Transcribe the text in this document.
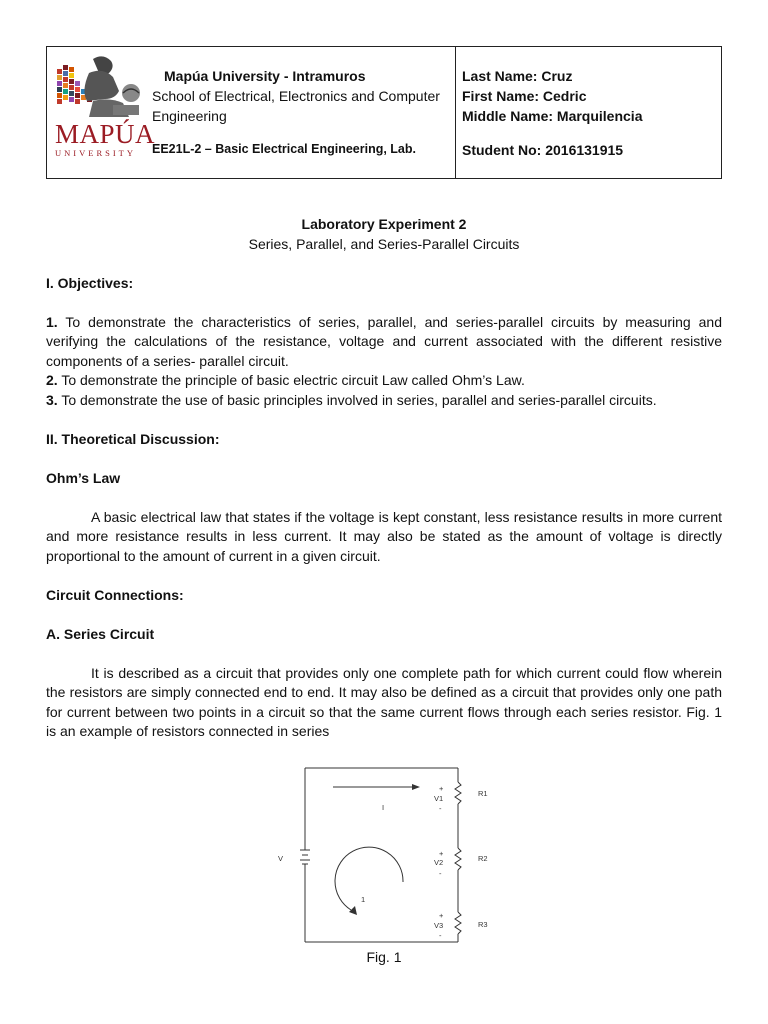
MAPÚA
UNIVERSITY
Mapúa University - Intramuros
School of Electrical, Electronics and Computer Engineering
EE21L-2 – Basic Electrical Engineering, Lab.
Last Name: Cruz
First Name: Cedric
Middle Name: Marquilencia
Student No: 2016131915
Laboratory Experiment 2
Series, Parallel, and Series-Parallel Circuits
I. Objectives:
1. To demonstrate the characteristics of series, parallel, and series-parallel circuits by measuring and verifying the calculations of the resistance, voltage and current associated with the different resistive components of a series- parallel circuit.
2. To demonstrate the principle of basic electric circuit Law called Ohm’s Law.
3. To demonstrate the use of basic principles involved in series, parallel and series-parallel circuits.
II. Theoretical Discussion:
Ohm’s Law
A basic electrical law that states if the voltage is kept constant, less resistance results in more current and more resistance results in less current. It may also be stated as the amount of voltage is directly proportional to the amount of current in a given circuit.
Circuit Connections:
A. Series Circuit
It is described as a circuit that provides only one complete path for which current could flow wherein the resistors are simply connected end to end. It may also be defined as a circuit that provides only one path for current between two points in a circuit so that the same current flows through each series resistor. Fig. 1 is an example of resistors connected in series
V
I
1
+
V1
-
R1
+
V2
-
R2
+
V3
-
R3
Fig. 1
